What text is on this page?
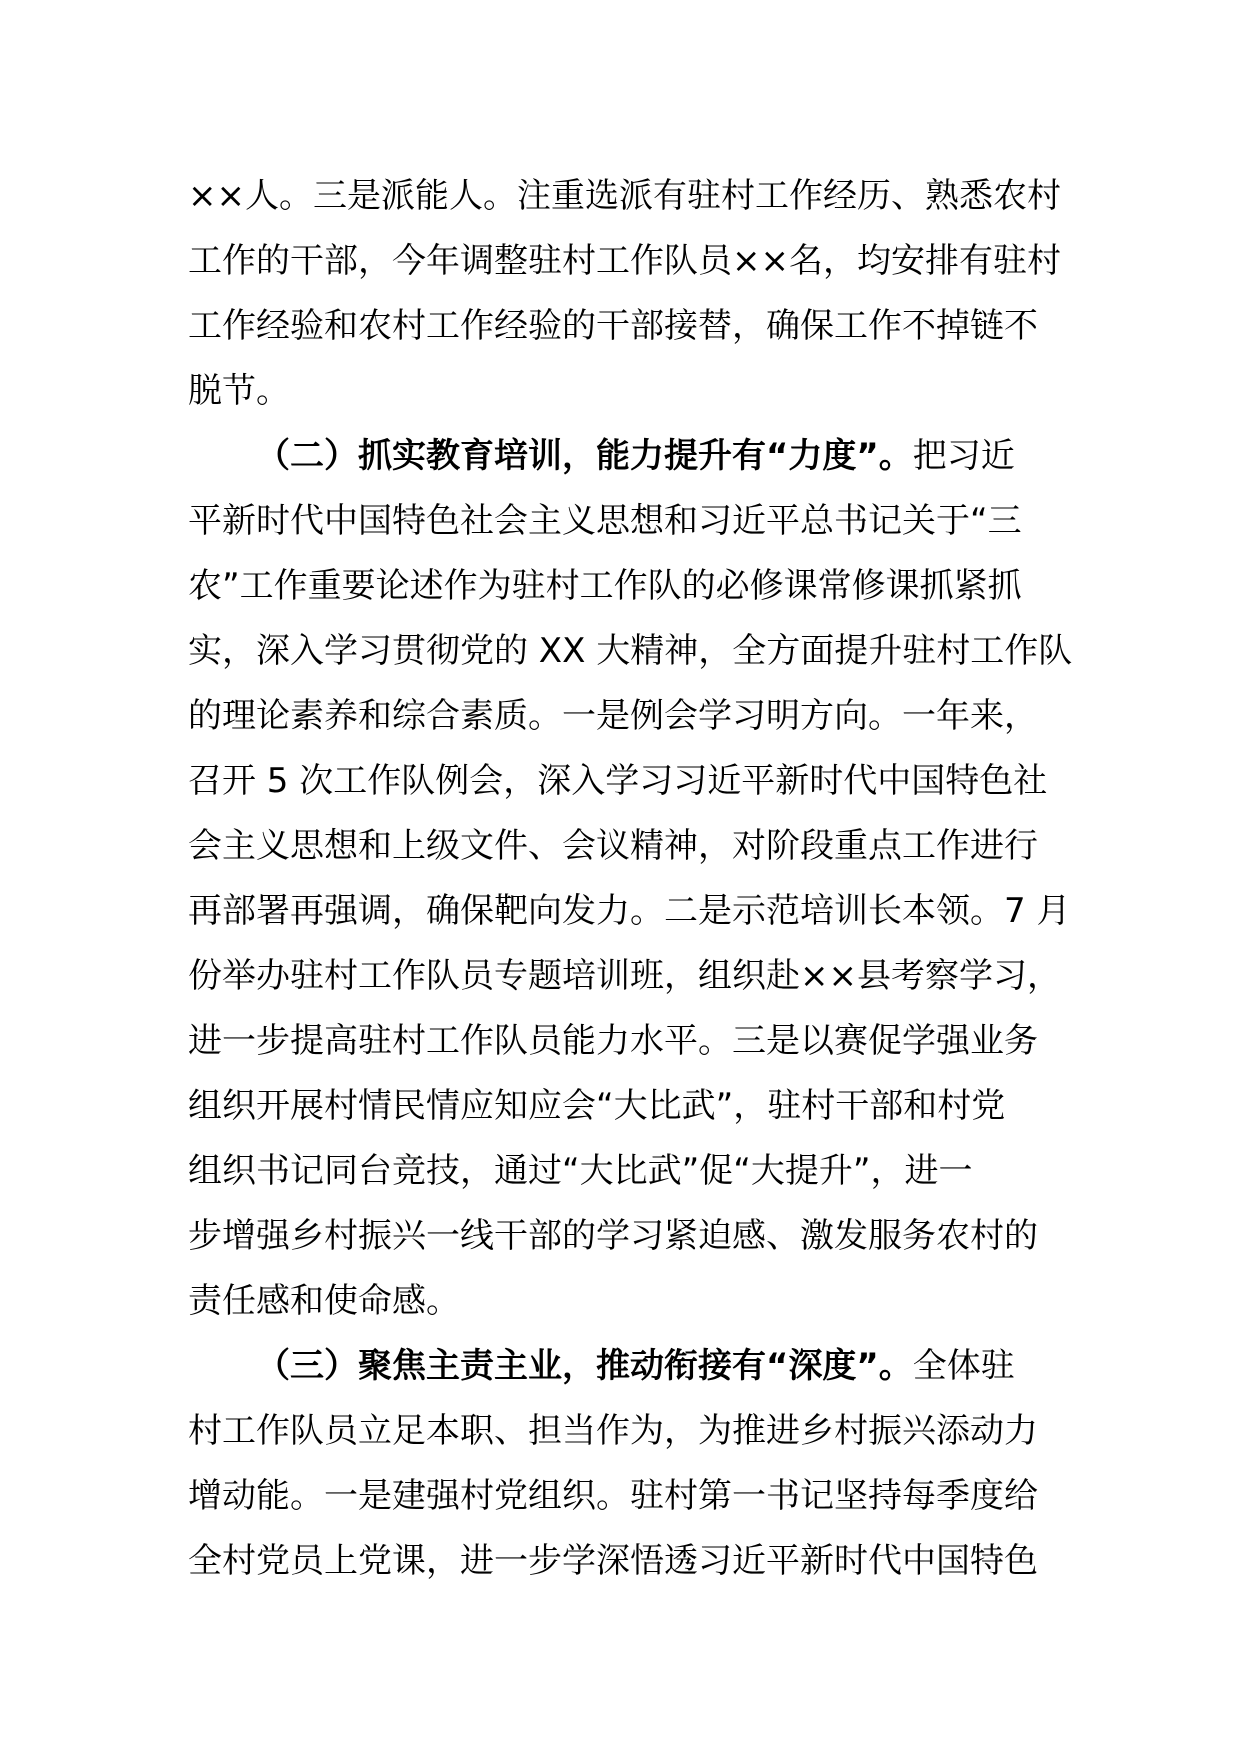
××人。三是派能人。注重选派有驻村工作经历、熟悉农村
工作的干部，今年调整驻村工作队员××名，均安排有驻村
工作经验和农村工作经验的干部接替，确保工作不掉链不
脱节。
（二）抓实教育培训，能力提升有“力度”。把习近
平新时代中国特色社会主义思想和习近平总书记关于“三
农”工作重要论述作为驻村工作队的必修课常修课抓紧抓
实，深入学习贯彻党的 XX 大精神，全方面提升驻村工作队
的理论素养和综合素质。一是例会学习明方向。一年来，
召开 5 次工作队例会，深入学习习近平新时代中国特色社
会主义思想和上级文件、会议精神，对阶段重点工作进行
再部署再强调，确保靶向发力。二是示范培训长本领。7 月
份举办驻村工作队员专题培训班，组织赴××县考察学习，
进一步提高驻村工作队员能力水平。三是以赛促学强业务
组织开展村情民情应知应会“大比武”，驻村干部和村党
组织书记同台竞技，通过“大比武”促“大提升”，进一
步增强乡村振兴一线干部的学习紧迫感、激发服务农村的
责任感和使命感。
（三）聚焦主责主业，推动衔接有“深度”。全体驻
村工作队员立足本职、担当作为，为推进乡村振兴添动力
增动能。一是建强村党组织。驻村第一书记坚持每季度给
全村党员上党课，进一步学深悟透习近平新时代中国特色
